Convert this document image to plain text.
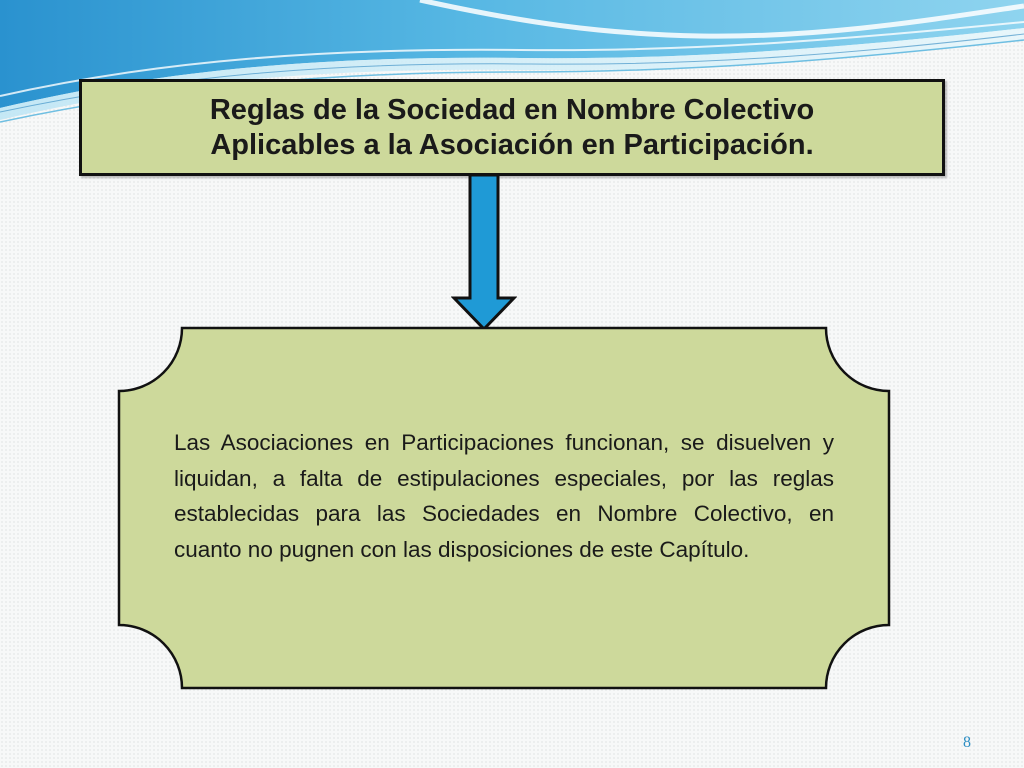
Reglas de la Sociedad en Nombre Colectivo
Aplicables a la Asociación en Participación.
Las Asociaciones en Participaciones funcionan, se disuelven y liquidan, a falta de estipulaciones especiales, por las reglas establecidas para las Sociedades en Nombre Colectivo, en cuanto no pugnen con las disposiciones de este Capítulo.
8
